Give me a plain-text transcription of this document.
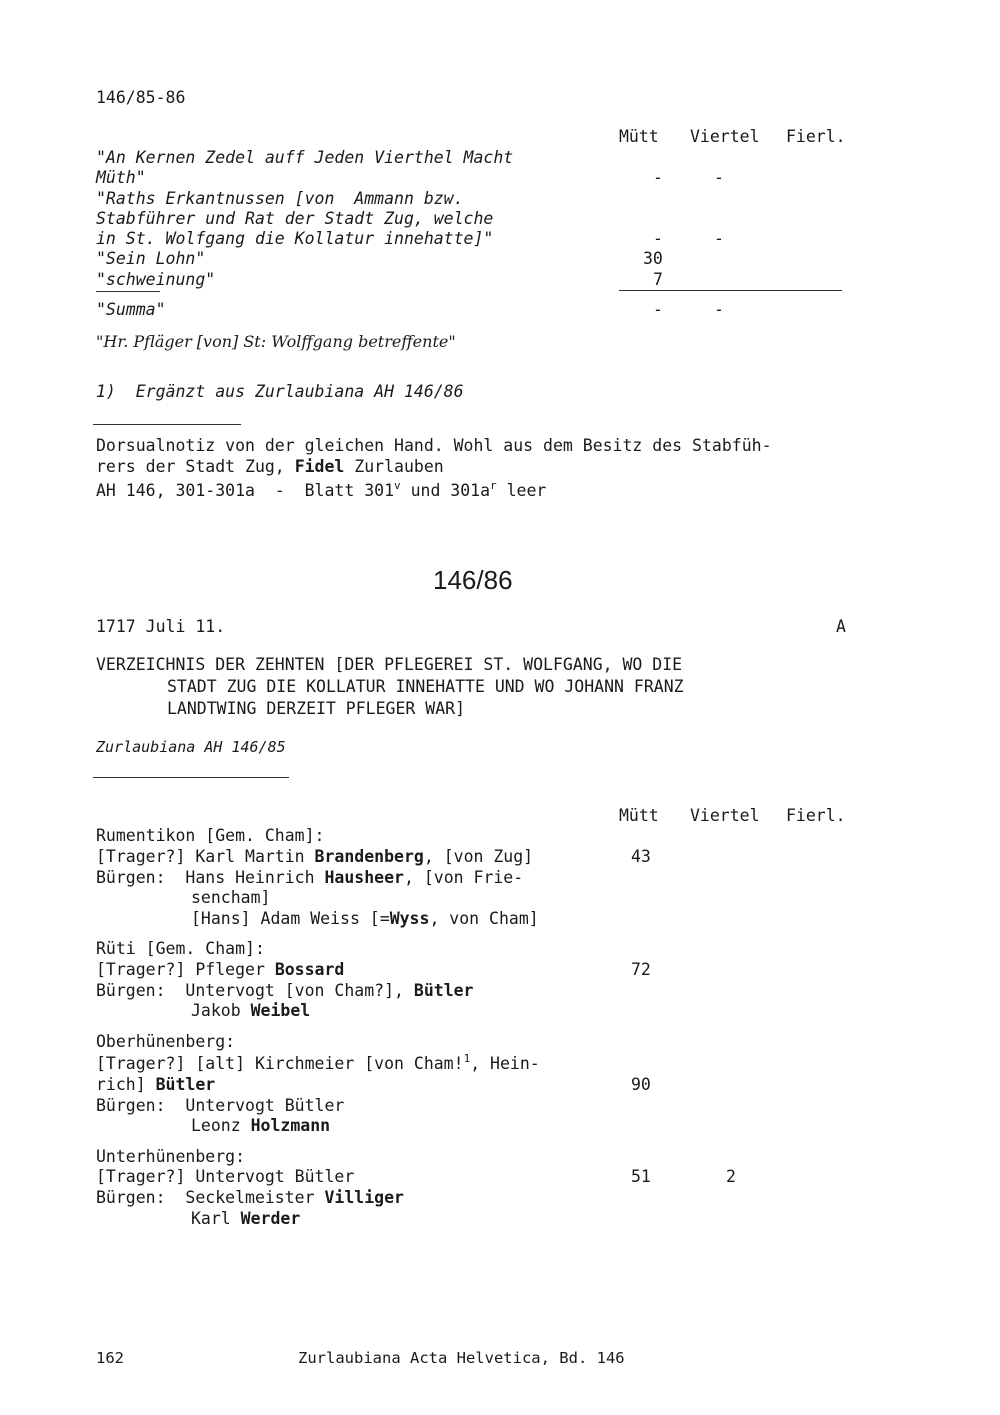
146/85-86
Mütt Viertel Fierl.
"An Kernen Zedel auff Jeden Vierthel Macht
Müth"	-	-
"Raths Erkantnussen [von  Ammann bzw.
Stabführer und Rat der Stadt Zug, welche
in St. Wolfgang die Kollatur innehatte]"	-	-
"Sein Lohn"	30
"schweinung"	7
"Summa"	-	-
"Hr. Pfläger [von] St: Wolffgang betreffente"
1)  Ergänzt aus Zurlaubiana AH 146/86
Dorsualnotiz von der gleichen Hand. Wohl aus dem Besitz des Stabfüh-
rers der Stadt Zug, Fidel Zurlauben
AH 146, 301-301a  -  Blatt 301$^v$ und $301a^r$ leer
146/86
1717 Juli 11.	A
VERZEICHNIS DER ZEHNTEN [DER PFLEGEREI ST. WOLFGANG, WO DIE
STADT ZUG DIE KOLLATUR INNEHATTE UND WO JOHANN FRANZ
LANDTWING DERZEIT PFLEGER WAR]
Zurlaubiana AH 146/85
Mütt Viertel Fierl.
Rumentikon [Gem. Cham]:
[Trager?] Karl Martin Brandenberg, [von Zug]	43
Bürgen:  Hans Heinrich Hausheer, [von Frie-
sencham]
[Hans] Adam Weiss [=Wyss, von Cham]
Rüti [Gem. Cham]:
[Trager?] Pfleger Bossard	72
Bürgen:  Untervogt [von Cham?], Bütler
Jakob Weibel
Oberhünenberg:
[Trager?] [alt] Kirchmeier [von Cham!$^1$, Hein-
rich] Bütler	90
Bürgen:  Untervogt Bütler
Leonz Holzmann
Unterhünenberg:
[Trager?] Untervogt Bütler	51	2
Bürgen:  Seckelmeister Villiger
Karl Werder
162	Zurlaubiana Acta Helvetica, Bd. 146
